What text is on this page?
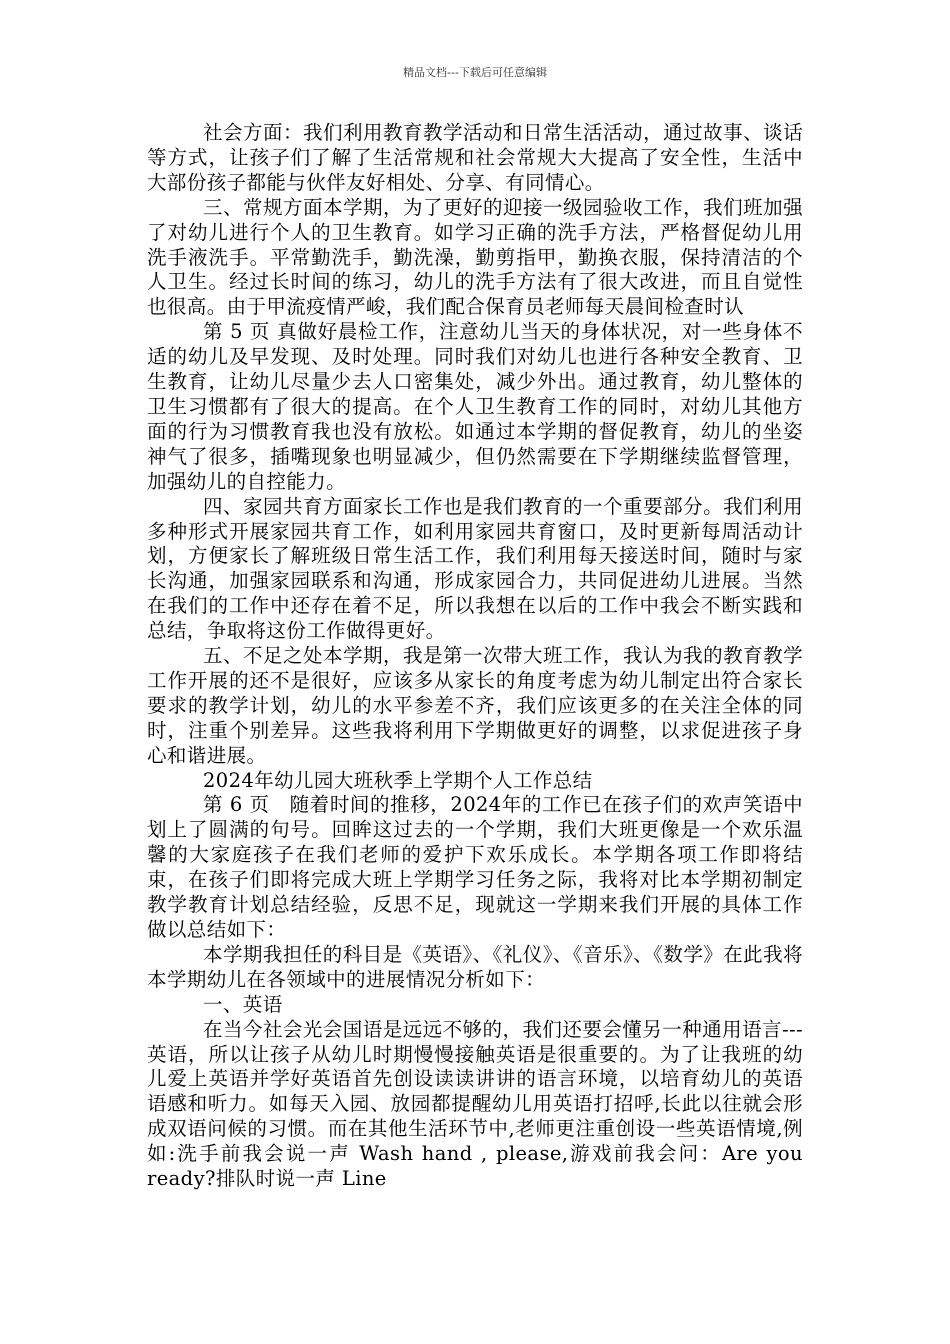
精品文档---下载后可任意编辑

社会方面：我们利用教育教学活动和日常生活活动，通过故事、谈话等方式，让孩子们了解了生活常规和社会常规大大提高了安全性，生活中大部份孩子都能与伙伴友好相处、分享、有同情心。

三、常规方面本学期，为了更好的迎接一级园验收工作，我们班加强了对幼儿进行个人的卫生教育。如学习正确的洗手方法，严格督促幼儿用洗手液洗手。平常勤洗手，勤洗澡，勤剪指甲，勤换衣服，保持清洁的个人卫生。经过长时间的练习，幼儿的洗手方法有了很大改进，而且自觉性也很高。由于甲流疫情严峻，我们配合保育员老师每天晨间检查时认

第 5 页 真做好晨检工作，注意幼儿当天的身体状况，对一些身体不适的幼儿及早发现、及时处理。同时我们对幼儿也进行各种安全教育、卫生教育，让幼儿尽量少去人口密集处，减少外出。通过教育，幼儿整体的卫生习惯都有了很大的提高。在个人卫生教育工作的同时，对幼儿其他方面的行为习惯教育我也没有放松。如通过本学期的督促教育，幼儿的坐姿神气了很多，插嘴现象也明显减少，但仍然需要在下学期继续监督管理，加强幼儿的自控能力。

四、家园共育方面家长工作也是我们教育的一个重要部分。我们利用多种形式开展家园共育工作，如利用家园共育窗口，及时更新每周活动计划，方便家长了解班级日常生活工作，我们利用每天接送时间，随时与家长沟通，加强家园联系和沟通，形成家园合力，共同促进幼儿进展。当然在我们的工作中还存在着不足，所以我想在以后的工作中我会不断实践和总结，争取将这份工作做得更好。

五、不足之处本学期，我是第一次带大班工作，我认为我的教育教学工作开展的还不是很好，应该多从家长的角度考虑为幼儿制定出符合家长要求的教学计划，幼儿的水平参差不齐，我们应该更多的在关注全体的同时，注重个别差异。这些我将利用下学期做更好的调整，以求促进孩子身心和谐进展。

2024年幼儿园大班秋季上学期个人工作总结

第 6 页　随着时间的推移，2024年的工作已在孩子们的欢声笑语中划上了圆满的句号。回眸这过去的一个学期，我们大班更像是一个欢乐温馨的大家庭孩子在我们老师的爱护下欢乐成长。本学期各项工作即将结束，在孩子们即将完成大班上学期学习任务之际，我将对比本学期初制定教学教育计划总结经验，反思不足，现就这一学期来我们开展的具体工作做以总结如下：

本学期我担任的科目是《英语》、《礼仪》、《音乐》、《数学》在此我将本学期幼儿在各领域中的进展情况分析如下：

一、英语

在当今社会光会国语是远远不够的，我们还要会懂另一种通用语言---英语，所以让孩子从幼儿时期慢慢接触英语是很重要的。为了让我班的幼儿爱上英语并学好英语首先创设读读讲讲的语言环境，以培育幼儿的英语语感和听力。如每天入园、放园都提醒幼儿用英语打招呼,长此以往就会形成双语问候的习惯。而在其他生活环节中,老师更注重创设一些英语情境,例如:洗手前我会说一声 Wash hand , please,游戏前我会问：Are you ready?排队时说一声 Line
